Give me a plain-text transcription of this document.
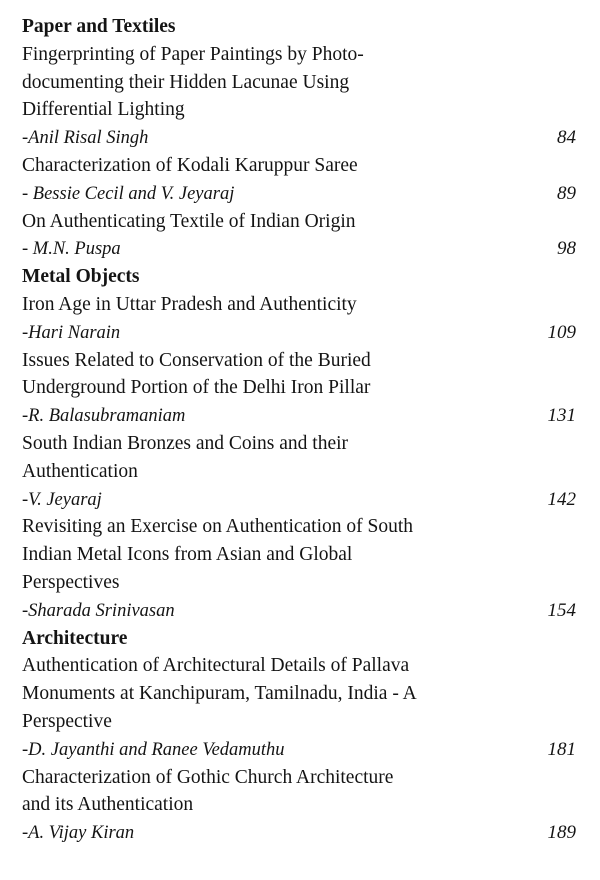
Paper and Textiles
Fingerprinting of Paper Paintings by Photo-
documenting their Hidden Lacunae Using
Differential Lighting
-Anil Risal Singh	84
Characterization of Kodali Karuppur Saree
- Bessie Cecil and V. Jeyaraj	89
On Authenticating Textile of Indian Origin
- M.N. Puspa	98
Metal Objects
Iron Age in Uttar Pradesh and Authenticity
-Hari Narain	109
Issues Related to Conservation of the Buried
Underground Portion of the Delhi Iron Pillar
-R. Balasubramaniam	131
South Indian Bronzes and Coins and their
Authentication
-V. Jeyaraj	142
Revisiting an Exercise on Authentication of South
Indian Metal Icons from Asian and Global
Perspectives
-Sharada Srinivasan	154
Architecture
Authentication of Architectural Details of Pallava
Monuments at Kanchipuram, Tamilnadu, India - A
Perspective
-D. Jayanthi and Ranee Vedamuthu	181
Characterization of Gothic Church Architecture
and its Authentication
-A. Vijay Kiran	189
